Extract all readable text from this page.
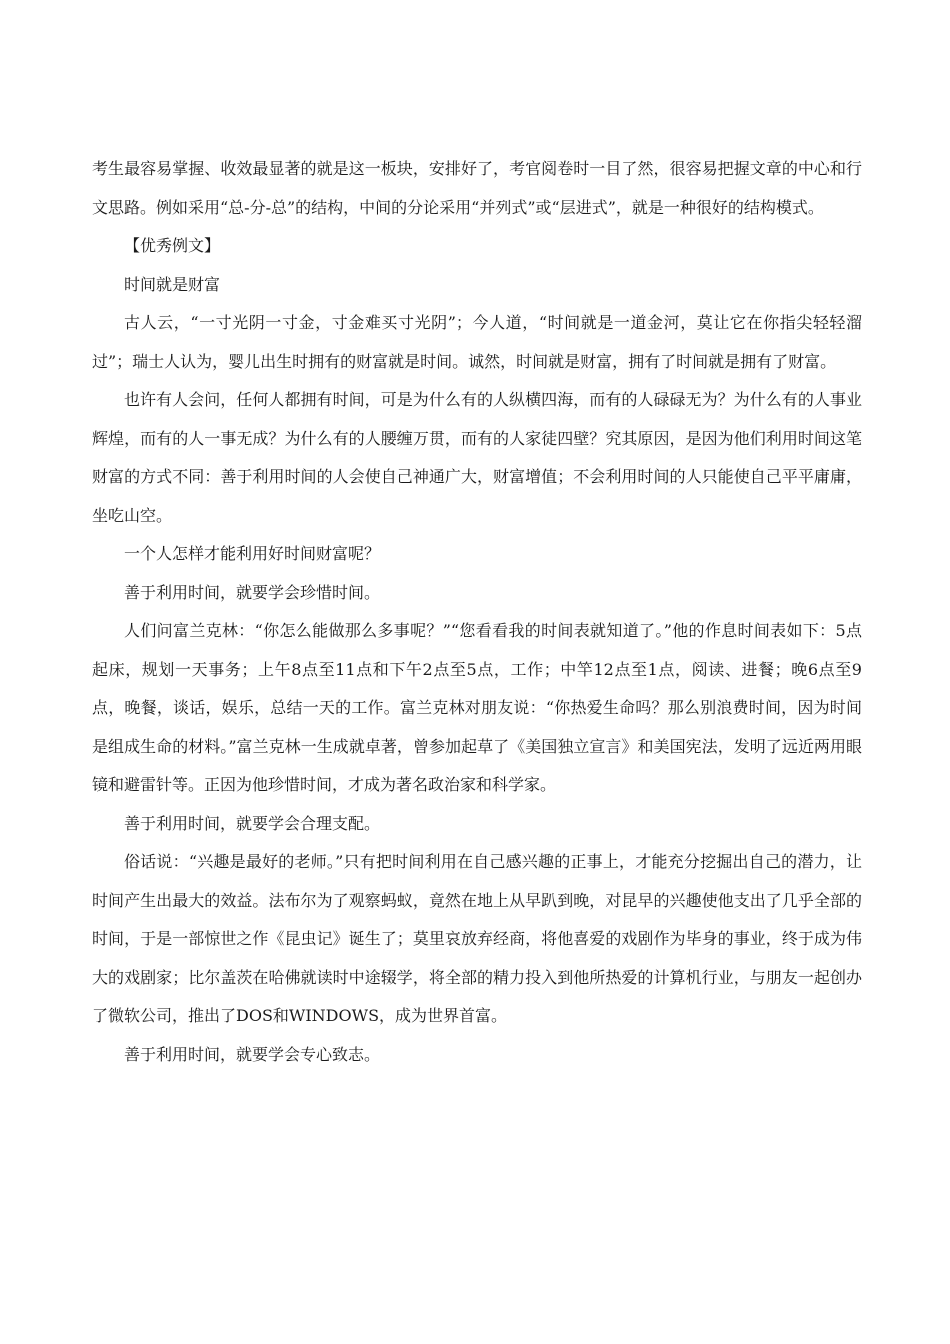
考生最容易掌握、收效最显著的就是这一板块，安排好了，考官阅卷时一目了然，很容易把握文章的中心和行文思路。例如采用“总-分-总”的结构，中间的分论采用“并列式”或“层进式”，就是一种很好的结构模式。

【优秀例文】

时间就是财富

古人云，“一寸光阴一寸金，寸金难买寸光阴”；今人道，“时间就是一道金河，莫让它在你指尖轻轻溜过”；瑞士人认为，婴儿出生时拥有的财富就是时间。诚然，时间就是财富，拥有了时间就是拥有了财富。

也许有人会问，任何人都拥有时间，可是为什么有的人纵横四海，而有的人碌碌无为？为什么有的人事业辉煌，而有的人一事无成？为什么有的人腰缠万贯，而有的人家徒四壁？究其原因，是因为他们利用时间这笔财富的方式不同：善于利用时间的人会使自己神通广大，财富增值；不会利用时间的人只能使自己平平庸庸，坐吃山空。

一个人怎样才能利用好时间财富呢？

善于利用时间，就要学会珍惜时间。

人们问富兰克林：“你怎么能做那么多事呢？”“您看看我的时间表就知道了。”他的作息时间表如下：5点起床，规划一天事务；上午8点至11点和下午2点至5点，工作；中竿12点至1点，阅读、进餐；晚6点至9点，晚餐，谈话，娱乐，总结一天的工作。富兰克林对朋友说：“你热爱生命吗？那么别浪费时间，因为时间是组成生命的材料。”富兰克林一生成就卓著，曾参加起草了《美国独立宣言》和美国宪法，发明了远近两用眼镜和避雷针等。正因为他珍惜时间，才成为著名政治家和科学家。

善于利用时间，就要学会合理支配。

俗话说：“兴趣是最好的老师。”只有把时间利用在自己感兴趣的正事上，才能充分挖掘出自己的潜力，让时间产生出最大的效益。法布尔为了观察蚂蚁，竟然在地上从早趴到晚，对昆早的兴趣使他支出了几乎全部的时间，于是一部惊世之作《昆虫记》诞生了；莫里哀放弃经商，将他喜爱的戏剧作为毕身的事业，终于成为伟大的戏剧家；比尔盖茨在哈佛就读时中途辍学，将全部的精力投入到他所热爱的计算机行业，与朋友一起创办了微软公司，推出了DOS和WINDOWS，成为世界首富。

善于利用时间，就要学会专心致志。
